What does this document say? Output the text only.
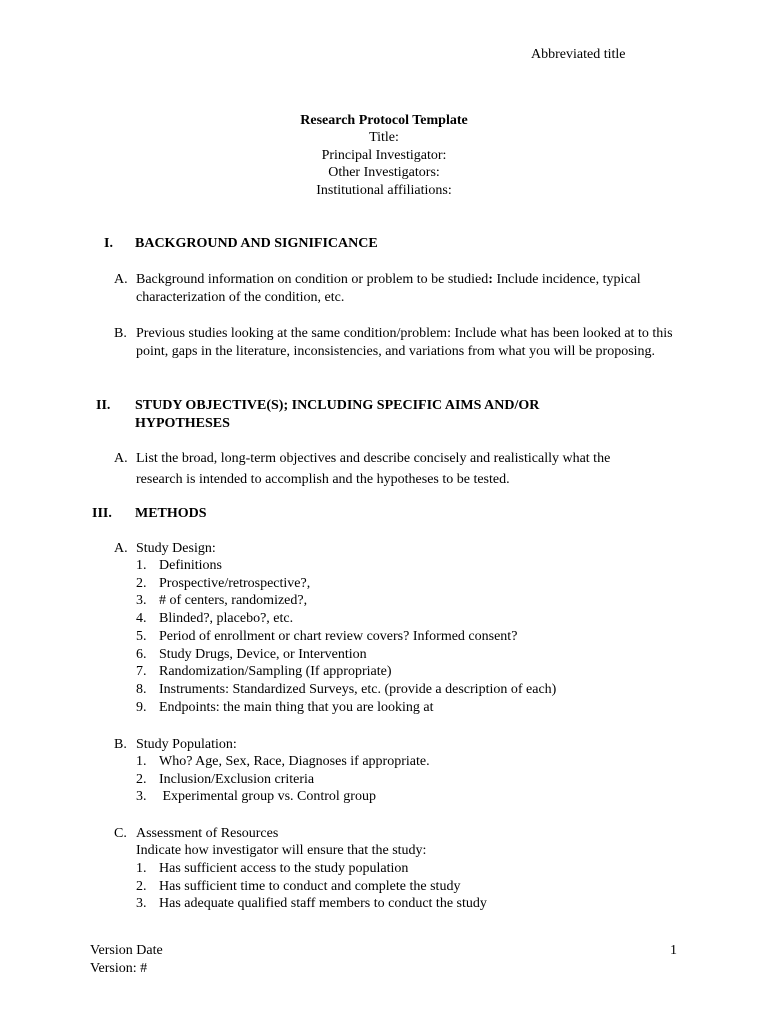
Abbreviated title
Research Protocol Template
Title:
Principal Investigator:
Other Investigators:
Institutional affiliations:
I. BACKGROUND AND SIGNIFICANCE
A. Background information on condition or problem to be studied: Include incidence, typical characterization of the condition, etc.
B. Previous studies looking at the same condition/problem: Include what has been looked at to this point, gaps in the literature, inconsistencies, and variations from what you will be proposing.
II. STUDY OBJECTIVE(S); INCLUDING SPECIFIC AIMS AND/OR
HYPOTHESES
A. List the broad, long-term objectives and describe concisely and realistically what the
research is intended to accomplish and the hypotheses to be tested.
III. METHODS
A. Study Design:
1. Definitions
2. Prospective/retrospective?,
3. # of centers, randomized?,
4. Blinded?, placebo?, etc.
5. Period of enrollment or chart review covers? Informed consent?
6. Study Drugs, Device, or Intervention
7. Randomization/Sampling (If appropriate)
8. Instruments: Standardized Surveys, etc. (provide a description of each)
9. Endpoints: the main thing that you are looking at
B. Study Population:
1. Who? Age, Sex, Race, Diagnoses if appropriate.
2. Inclusion/Exclusion criteria
3. Experimental group vs. Control group
C. Assessment of Resources
Indicate how investigator will ensure that the study:
1. Has sufficient access to the study population
2. Has sufficient time to conduct and complete the study
3. Has adequate qualified staff members to conduct the study
Version Date
Version: #
1
